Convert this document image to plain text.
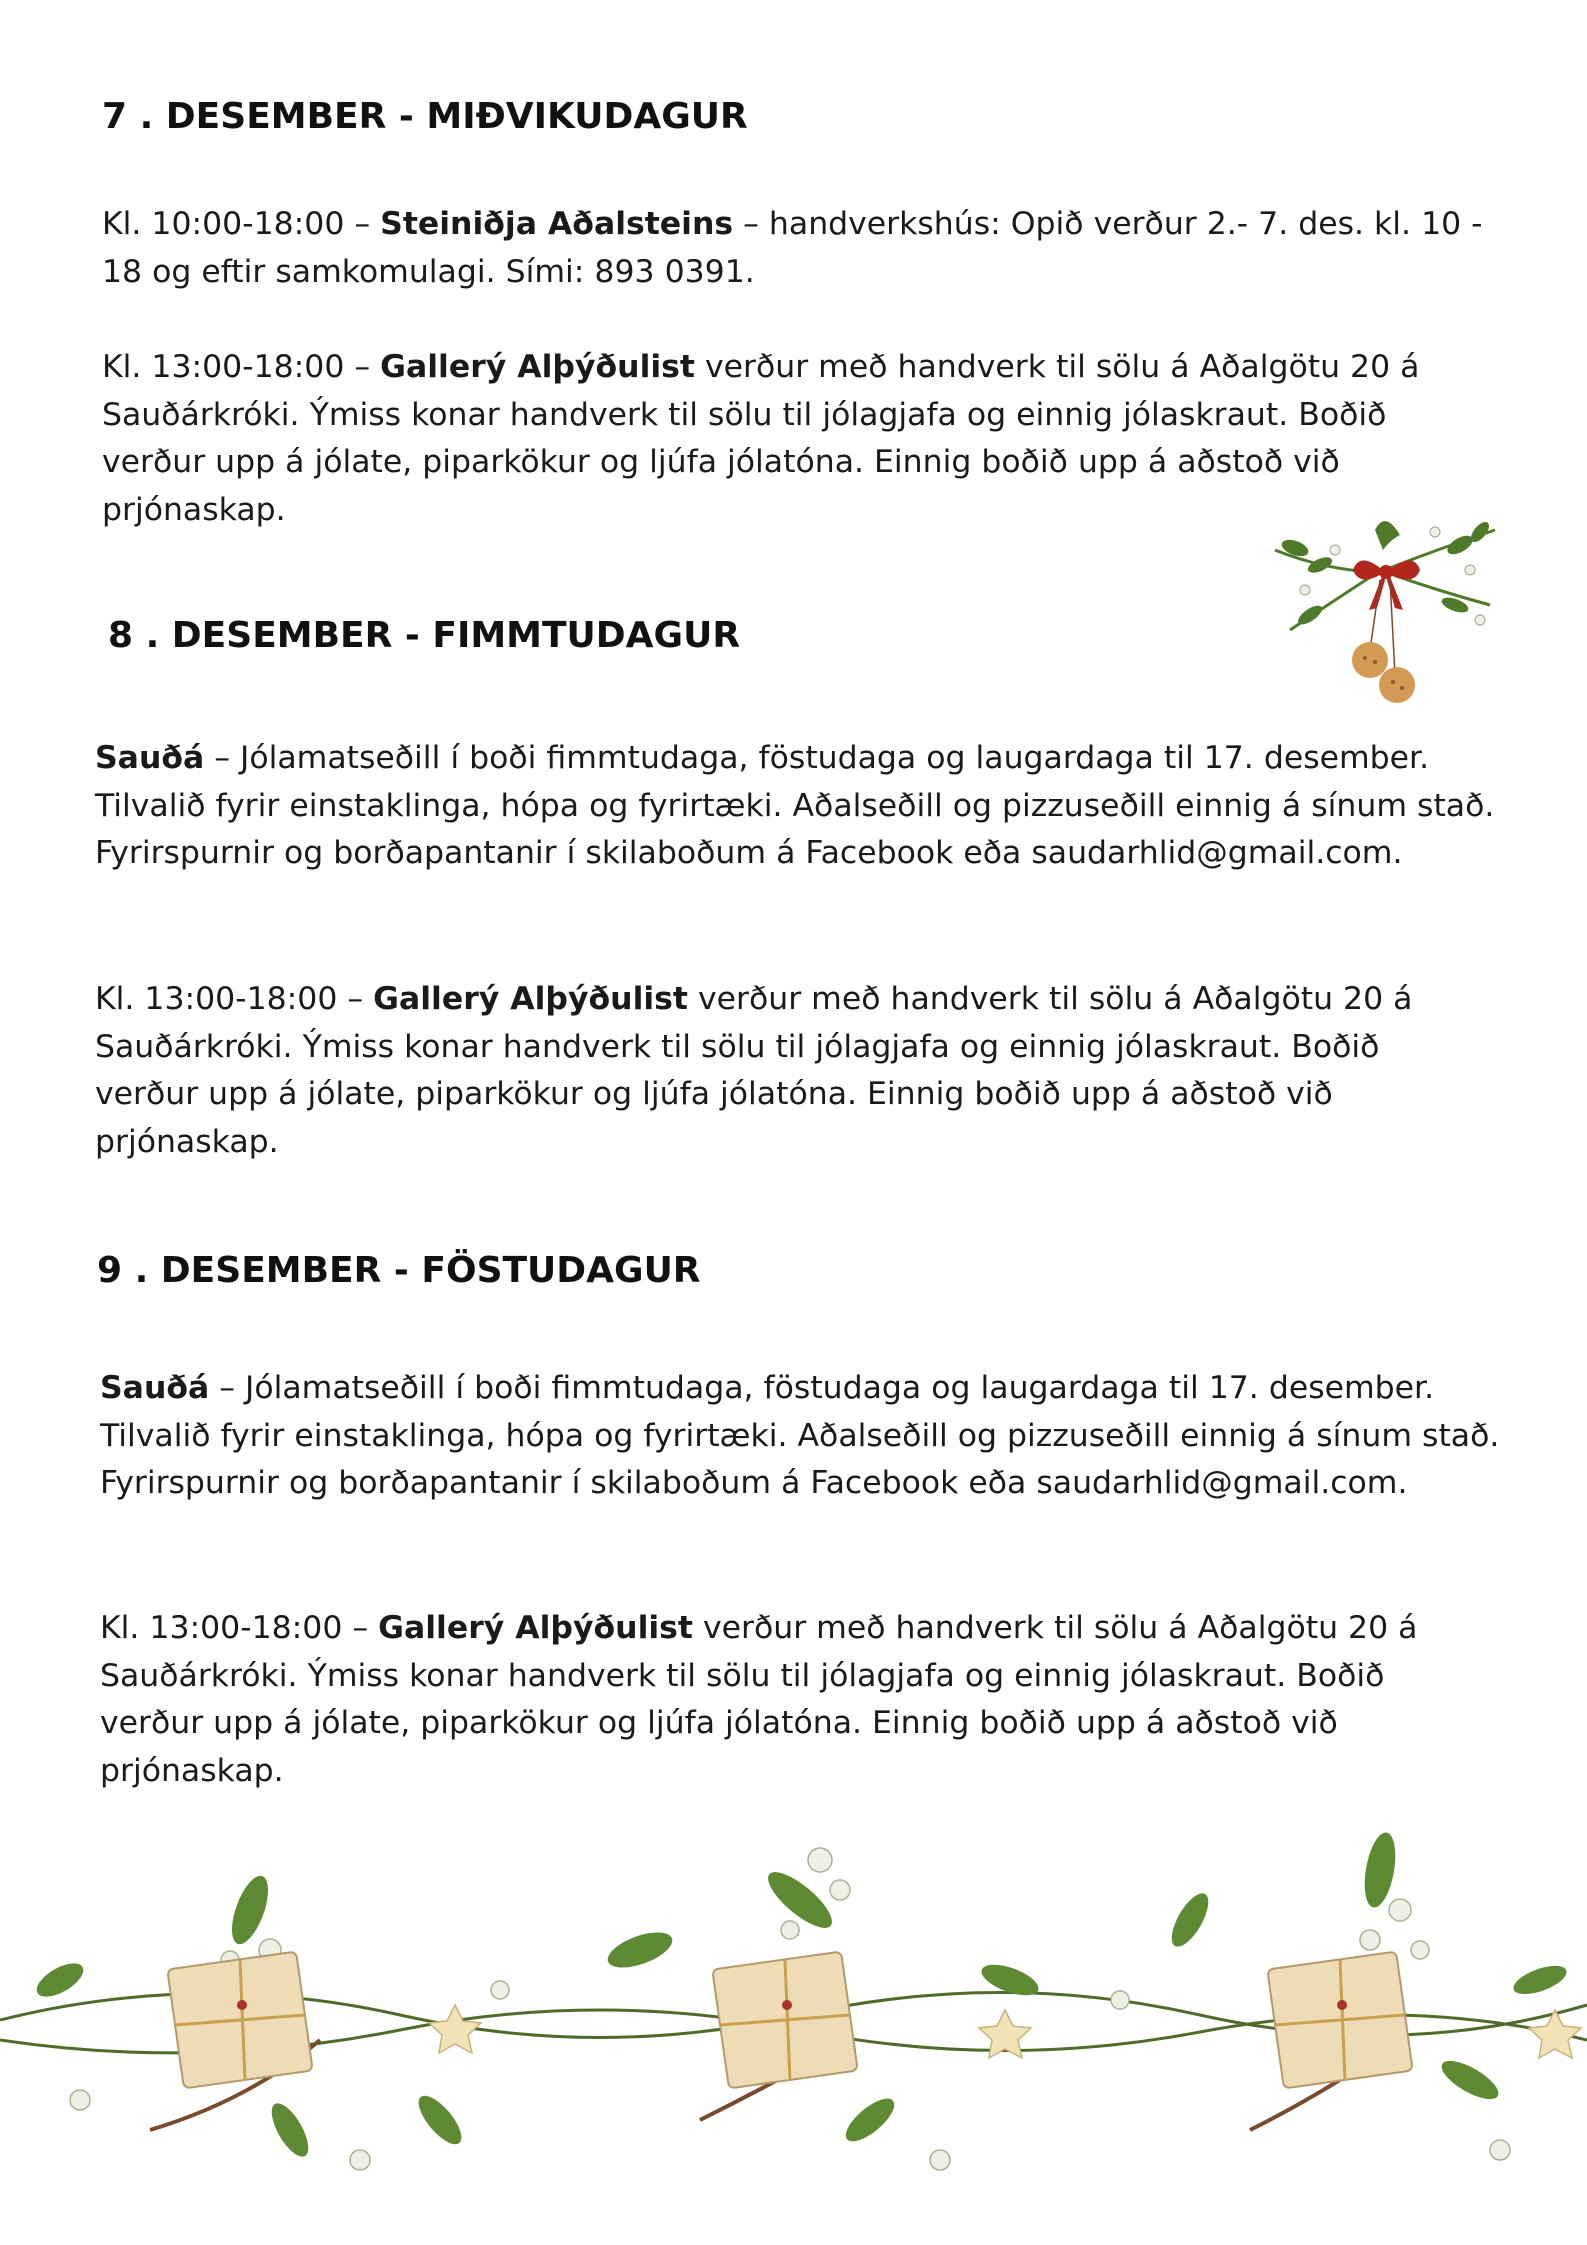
7 . DESEMBER - MIÐVIKUDAGUR

Kl. 10:00-18:00 – Steiniðja Aðalsteins – handverkshús: Opið verður 2.- 7. des. kl. 10 - 18 og eftir samkomulagi. Sími: 893 0391.

Kl. 13:00-18:00 – Gallerý Alþýðulist verður með handverk til sölu á Aðalgötu 20 á Sauðárkróki. Ýmiss konar handverk til sölu til jólagjafa og einnig jólaskraut. Boðið verður upp á jólate, piparkökur og ljúfa jólatóna. Einnig boðið upp á aðstoð við prjónaskap.

8 . DESEMBER - FIMMTUDAGUR

Sauðá – Jólamatseðill í boði fimmtudaga, föstudaga og laugardaga til 17. desember. Tilvalið fyrir einstaklinga, hópa og fyrirtæki. Aðalseðill og pizzuseðill einnig á sínum stað. Fyrirspurnir og borðapantanir í skilaboðum á Facebook eða saudarhlid@gmail.com.

Kl. 13:00-18:00 – Gallerý Alþýðulist verður með handverk til sölu á Aðalgötu 20 á Sauðárkróki. Ýmiss konar handverk til sölu til jólagjafa og einnig jólaskraut. Boðið verður upp á jólate, piparkökur og ljúfa jólatóna. Einnig boðið upp á aðstoð við prjónaskap.

9 . DESEMBER - FÖSTUDAGUR

Sauðá – Jólamatseðill í boði fimmtudaga, föstudaga og laugardaga til 17. desember. Tilvalið fyrir einstaklinga, hópa og fyrirtæki. Aðalseðill og pizzuseðill einnig á sínum stað. Fyrirspurnir og borðapantanir í skilaboðum á Facebook eða saudarhlid@gmail.com.

Kl. 13:00-18:00 – Gallerý Alþýðulist verður með handverk til sölu á Aðalgötu 20 á Sauðárkróki. Ýmiss konar handverk til sölu til jólagjafa og einnig jólaskraut. Boðið verður upp á jólate, piparkökur og ljúfa jólatóna. Einnig boðið upp á aðstoð við prjónaskap.
